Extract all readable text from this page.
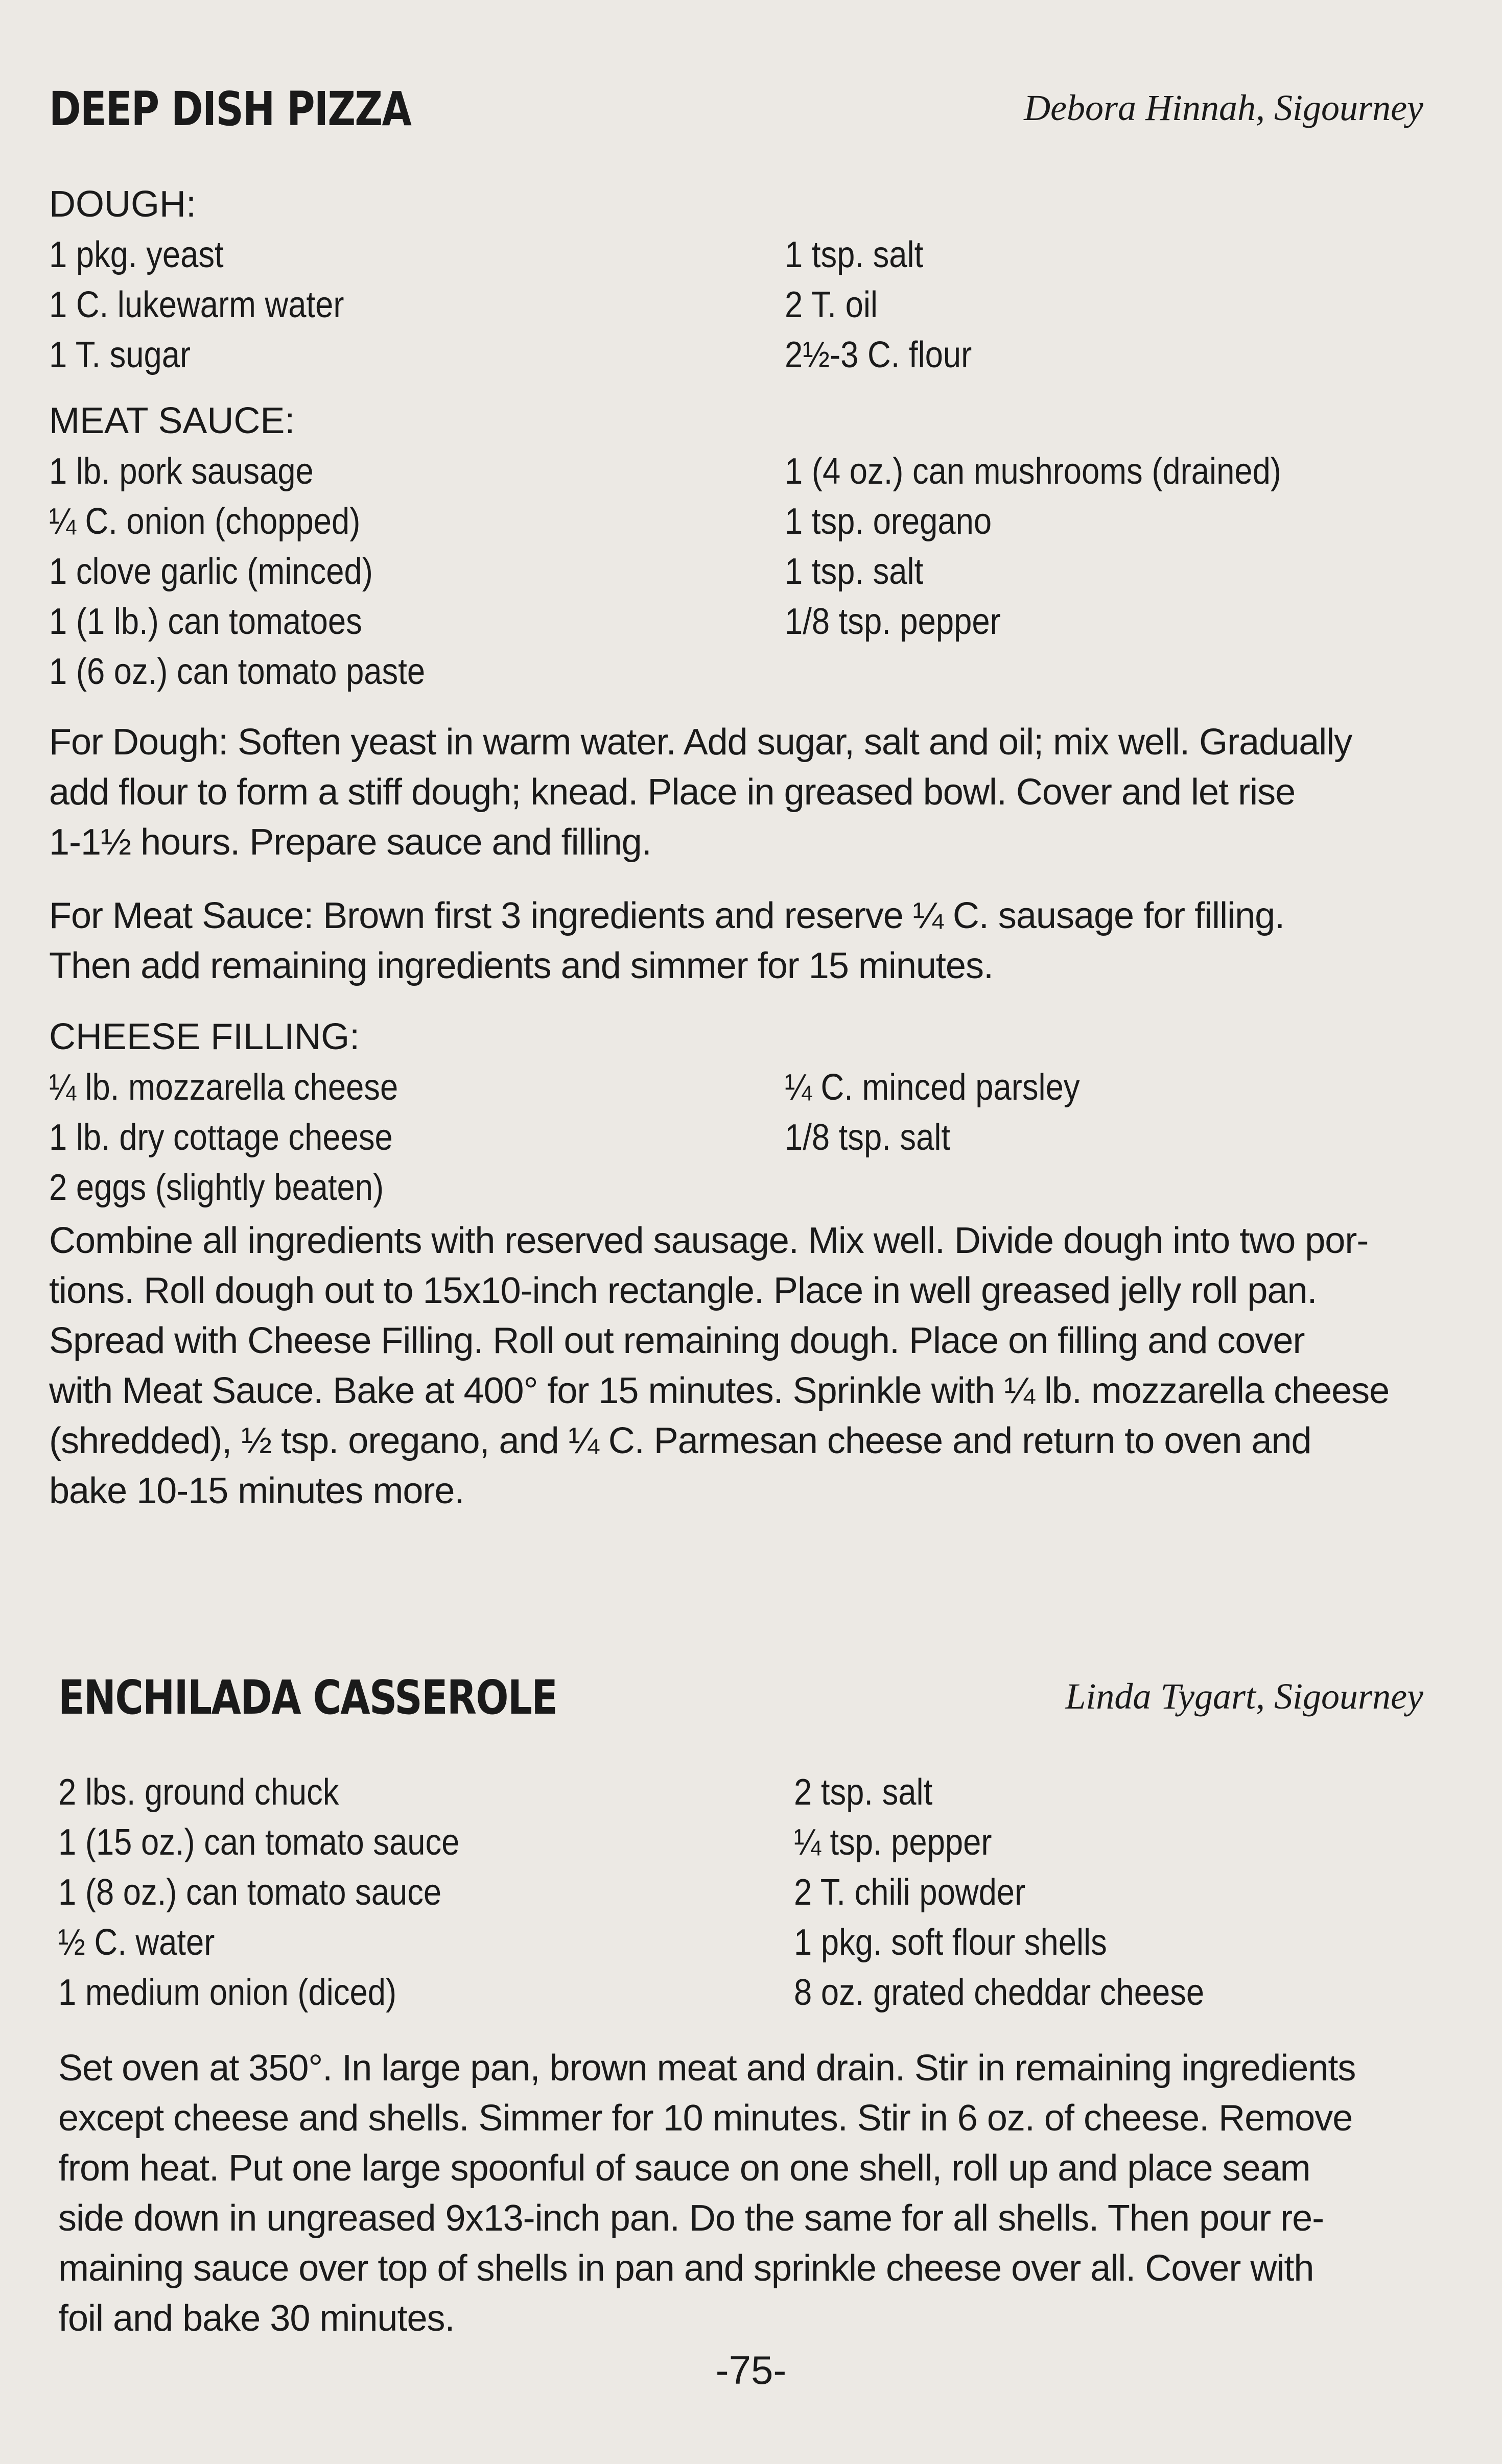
DEEP DISH PIZZA	Debora Hinnah, Sigourney
DOUGH:
1 pkg. yeast	1 tsp. salt
1 C. lukewarm water	2 T. oil
1 T. sugar	2½-3 C. flour
MEAT SAUCE:
1 lb. pork sausage	1 (4 oz.) can mushrooms (drained)
¼ C. onion (chopped)	1 tsp. oregano
1 clove garlic (minced)	1 tsp. salt
1 (1 lb.) can tomatoes	1/8 tsp. pepper
1 (6 oz.) can tomato paste
For Dough: Soften yeast in warm water. Add sugar, salt and oil; mix well. Gradually
add flour to form a stiff dough; knead. Place in greased bowl. Cover and let rise
1-1½ hours. Prepare sauce and filling.
For Meat Sauce: Brown first 3 ingredients and reserve ¼ C. sausage for filling.
Then add remaining ingredients and simmer for 15 minutes.
CHEESE FILLING:
¼ lb. mozzarella cheese	¼ C. minced parsley
1 lb. dry cottage cheese	1/8 tsp. salt
2 eggs (slightly beaten)
Combine all ingredients with reserved sausage. Mix well. Divide dough into two por-
tions. Roll dough out to 15x10-inch rectangle. Place in well greased jelly roll pan.
Spread with Cheese Filling. Roll out remaining dough. Place on filling and cover
with Meat Sauce. Bake at 400° for 15 minutes. Sprinkle with ¼ lb. mozzarella cheese
(shredded), ½ tsp. oregano, and ¼ C. Parmesan cheese and return to oven and
bake 10-15 minutes more.
ENCHILADA CASSEROLE	Linda Tygart, Sigourney
2 lbs. ground chuck	2 tsp. salt
1 (15 oz.) can tomato sauce	¼ tsp. pepper
1 (8 oz.) can tomato sauce	2 T. chili powder
½ C. water	1 pkg. soft flour shells
1 medium onion (diced)	8 oz. grated cheddar cheese
Set oven at 350°. In large pan, brown meat and drain. Stir in remaining ingredients
except cheese and shells. Simmer for 10 minutes. Stir in 6 oz. of cheese. Remove
from heat. Put one large spoonful of sauce on one shell, roll up and place seam
side down in ungreased 9x13-inch pan. Do the same for all shells. Then pour re-
maining sauce over top of shells in pan and sprinkle cheese over all. Cover with
foil and bake 30 minutes.
-75-
